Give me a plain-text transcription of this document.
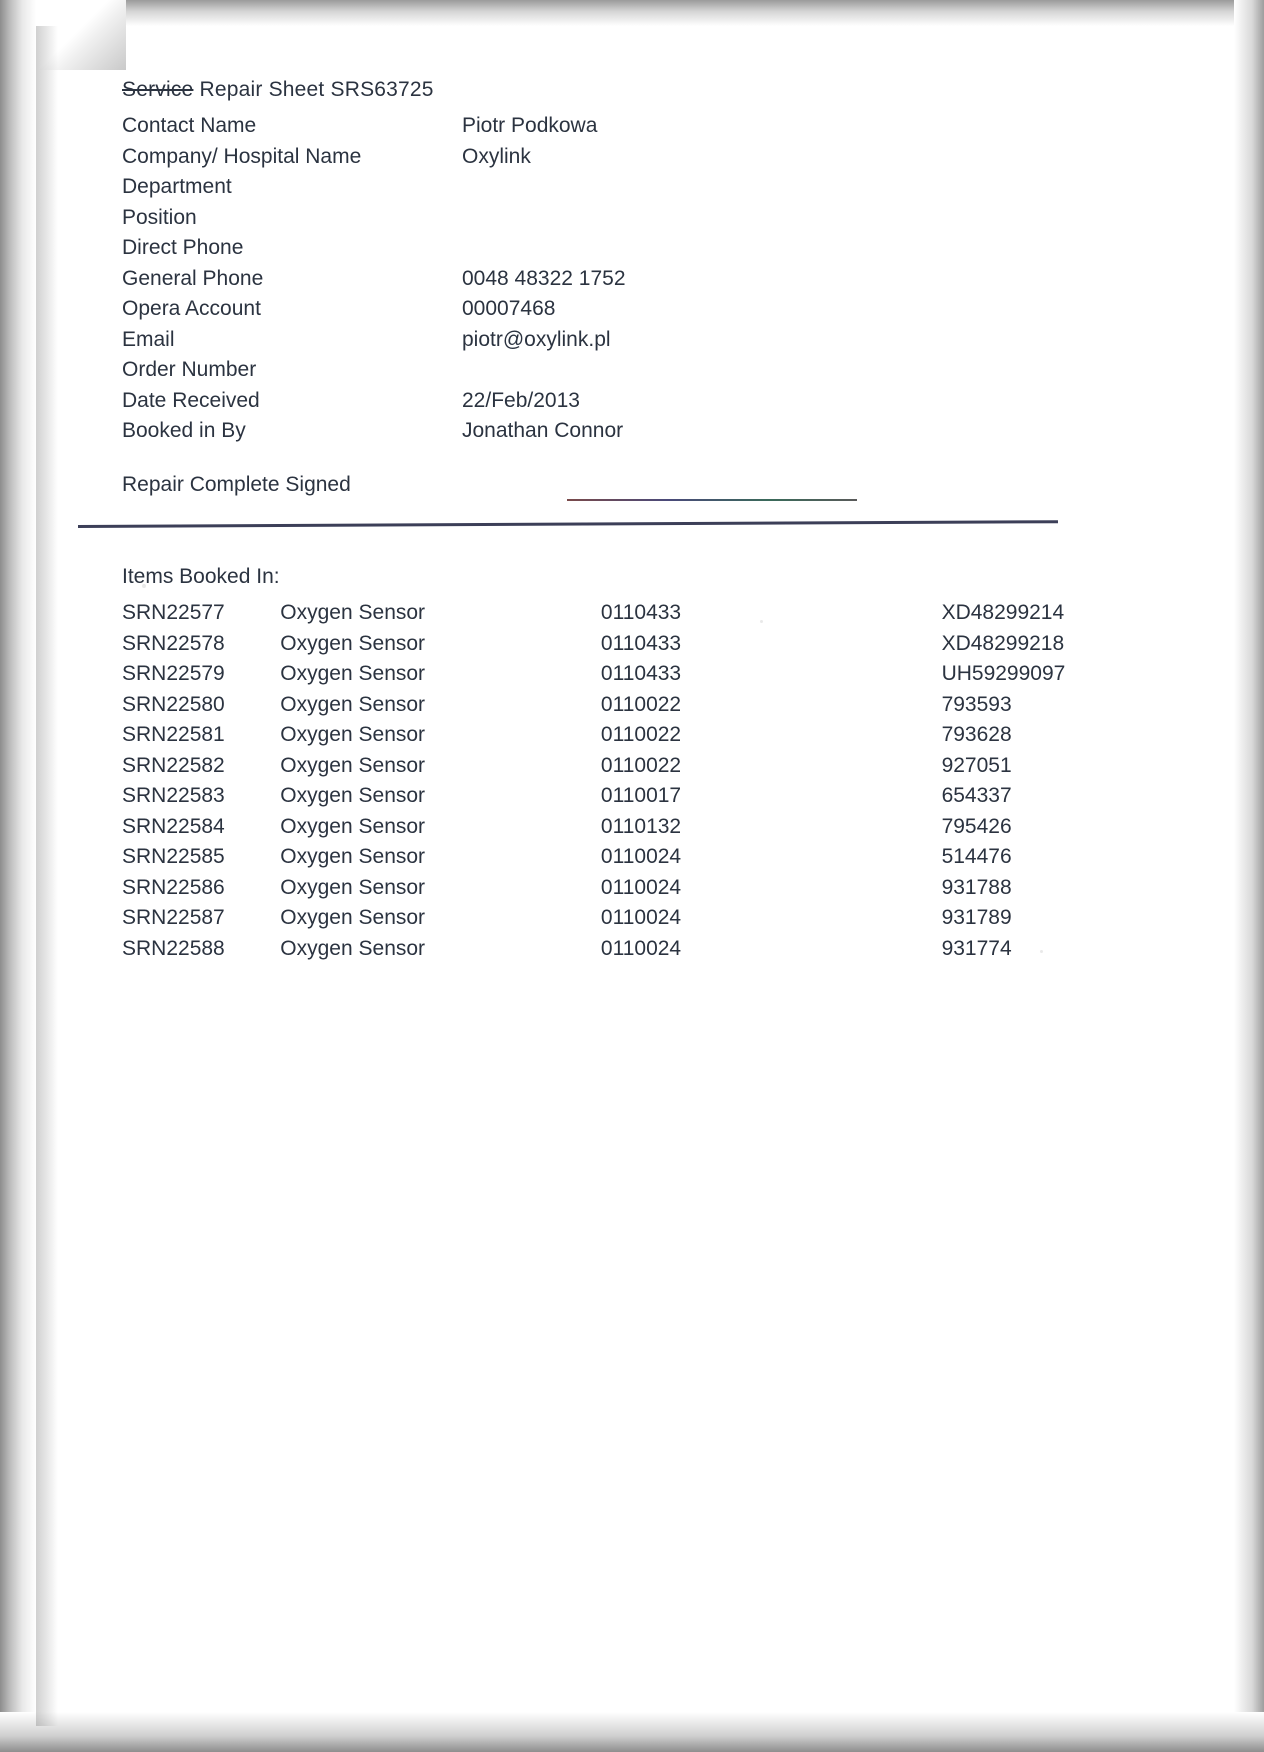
Service Repair Sheet SRS63725
Contact Name	Piotr Podkowa
Company/ Hospital Name	Oxylink
Department
Position
Direct Phone
General Phone	0048 48322 1752
Opera Account	00007468
Email	piotr@oxylink.pl
Order Number
Date Received	22/Feb/2013
Booked in By	Jonathan Connor
Repair Complete Signed
Items Booked In:
SRN22577	Oxygen Sensor	0110433	XD48299214
SRN22578	Oxygen Sensor	0110433	XD48299218
SRN22579	Oxygen Sensor	0110433	UH59299097
SRN22580	Oxygen Sensor	0110022	793593
SRN22581	Oxygen Sensor	0110022	793628
SRN22582	Oxygen Sensor	0110022	927051
SRN22583	Oxygen Sensor	0110017	654337
SRN22584	Oxygen Sensor	0110132	795426
SRN22585	Oxygen Sensor	0110024	514476
SRN22586	Oxygen Sensor	0110024	931788
SRN22587	Oxygen Sensor	0110024	931789
SRN22588	Oxygen Sensor	0110024	931774
